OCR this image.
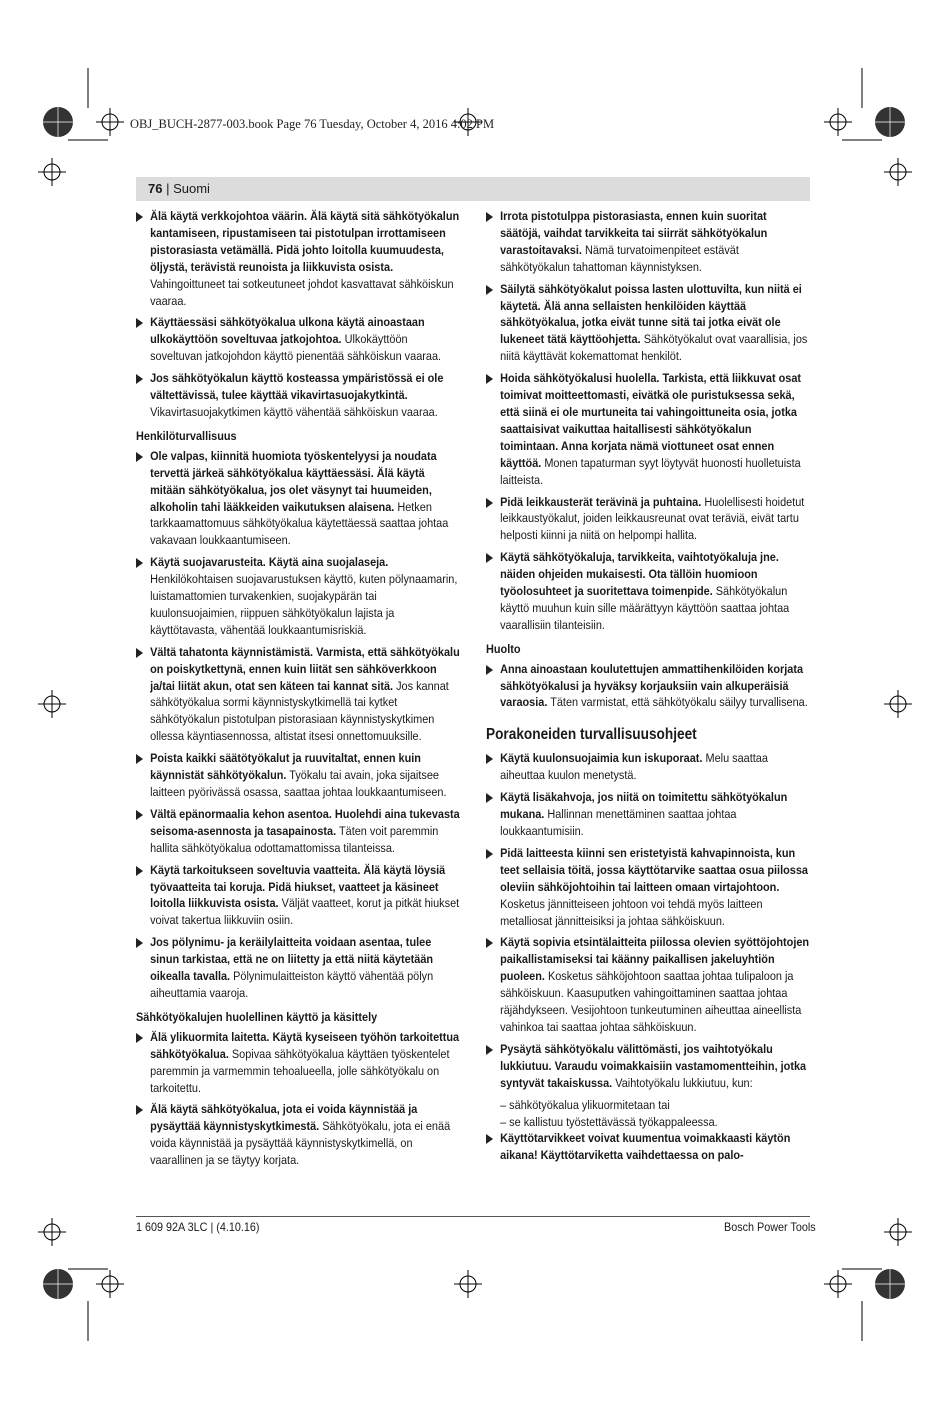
OBJ_BUCH-2877-003.book Page 76 Tuesday, October 4, 2016 4:02 PM
76 | Suomi
Älä käytä verkkojohtoa väärin. Älä käytä sitä sähkötyökalun kantamiseen, ripustamiseen tai pistotulpan irrottamiseen pistorasiasta vetämällä. Pidä johto loitolla kuumuudesta, öljystä, terävistä reunoista ja liikkuvista osista. Vahingoittuneet tai sotkeutuneet johdot kasvattavat sähköiskun vaaraa.
Käyttäessäsi sähkötyökalua ulkona käytä ainoastaan ulkokäyttöön soveltuvaa jatkojohtoa. Ulkokäyttöön soveltuvan jatkojohdon käyttö pienentää sähköiskun vaaraa.
Jos sähkötyökalun käyttö kosteassa ympäristössä ei ole vältettävissä, tulee käyttää vikavirtasuojakytkintä. Vikavirtasuojakytkimen käyttö vähentää sähköiskun vaaraa.
Henkilöturvallisuus
Ole valpas, kiinnitä huomiota työskentelyysi ja noudata tervettä järkeä sähkötyökalua käyttäessäsi. Älä käytä mitään sähkötyökalua, jos olet väsynyt tai huumeiden, alkoholin tahi lääkkeiden vaikutuksen alaisena. Hetken tarkkaamattomuus sähkötyökalua käytettäessä saattaa johtaa vakavaan loukkaantumiseen.
Käytä suojavarusteita. Käytä aina suojalaseja. Henkilökohtaisen suojavarustuksen käyttö, kuten pölynaamarin, luistamattomien turvakenkien, suojakypärän tai kuulonsuojaimien, riippuen sähkötyökalun lajista ja käyttötavasta, vähentää loukkaantumisriskiä.
Vältä tahatonta käynnistämistä. Varmista, että sähkötyökalu on poiskytkettynä, ennen kuin liität sen sähköverkkoon ja/tai liität akun, otat sen käteen tai kannat sitä. Jos kannat sähkötyökalua sormi käynnistyskytkimellä tai kytket sähkötyökalun pistotulpan pistorasiaan käynnistyskytkimen ollessa käyntiasennossa, altistat itsesi onnettomuuksille.
Poista kaikki säätötyökalut ja ruuvitaltat, ennen kuin käynnistät sähkötyökalun. Työkalu tai avain, joka sijaitsee laitteen pyörivässä osassa, saattaa johtaa loukkaantumiseen.
Vältä epänormaalia kehon asentoa. Huolehdi aina tukevasta seisoma-asennosta ja tasapainosta. Täten voit paremmin hallita sähkötyökalua odottamattomissa tilanteissa.
Käytä tarkoitukseen soveltuvia vaatteita. Älä käytä löysiä työvaatteita tai koruja. Pidä hiukset, vaatteet ja käsineet loitolla liikkuvista osista. Väljät vaatteet, korut ja pitkät hiukset voivat takertua liikkuviin osiin.
Jos pölynimu- ja keräilylaitteita voidaan asentaa, tulee sinun tarkistaa, että ne on liitetty ja että niitä käytetään oikealla tavalla. Pölynimulaitteiston käyttö vähentää pölyn aiheuttamia vaaroja.
Sähkötyökalujen huolellinen käyttö ja käsittely
Älä ylikuormita laitetta. Käytä kyseiseen työhön tarkoitettua sähkötyökalua. Sopivaa sähkötyökalua käyttäen työskentelet paremmin ja varmemmin tehoalueella, jolle sähkötyökalu on tarkoitettu.
Älä käytä sähkötyökalua, jota ei voida käynnistää ja pysäyttää käynnistyskytkimestä. Sähkötyökalu, jota ei enää voida käynnistää ja pysäyttää käynnistyskytkimellä, on vaarallinen ja se täytyy korjata.
Irrota pistotulppa pistorasiasta, ennen kuin suoritat säätöjä, vaihdat tarvikkeita tai siirrät sähkötyökalun varastoitavaksi. Nämä turvatoimenpiteet estävät sähkötyökalun tahattoman käynnistyksen.
Säilytä sähkötyökalut poissa lasten ulottuvilta, kun niitä ei käytetä. Älä anna sellaisten henkilöiden käyttää sähkötyökalua, jotka eivät tunne sitä tai jotka eivät ole lukeneet tätä käyttöohjetta. Sähkötyökalut ovat vaarallisia, jos niitä käyttävät kokemattomat henkilöt.
Hoida sähkötyökalusi huolella. Tarkista, että liikkuvat osat toimivat moitteettomasti, eivätkä ole puristuksessa sekä, että siinä ei ole murtuneita tai vahingoittuneita osia, jotka saattaisivat vaikuttaa haitallisesti sähkötyökalun toimintaan. Anna korjata nämä viottuneet osat ennen käyttöä. Monen tapaturman syyt löytyvät huonosti huolletuista laitteista.
Pidä leikkausterät terävinä ja puhtaina. Huolellisesti hoidetut leikkaustyökalut, joiden leikkausreunat ovat teräviä, eivät tartu helposti kiinni ja niitä on helpompi hallita.
Käytä sähkötyökaluja, tarvikkeita, vaihtotyökaluja jne. näiden ohjeiden mukaisesti. Ota tällöin huomioon työolosuhteet ja suoritettava toimenpide. Sähkötyökalun käyttö muuhun kuin sille määrättyyn käyttöön saattaa johtaa vaarallisiin tilanteisiin.
Huolto
Anna ainoastaan koulutettujen ammattihenkilöiden korjata sähkötyökalusi ja hyväksy korjauksiin vain alkuperäisiä varaosia. Täten varmistat, että sähkötyökalu säilyy turvallisena.
Porakoneiden turvallisuusohjeet
Käytä kuulonsuojaimia kun iskuporaat. Melu saattaa aiheuttaa kuulon menetystä.
Käytä lisäkahvoja, jos niitä on toimitettu sähkötyökalun mukana. Hallinnan menettäminen saattaa johtaa loukkaantumisiin.
Pidä laitteesta kiinni sen eristetyistä kahvapinnoista, kun teet sellaisia töitä, jossa käyttötarvike saattaa osua piilossa oleviin sähköjohtoihin tai laitteen omaan virtajohtoon. Kosketus jännitteiseen johtoon voi tehdä myös laitteen metalliosat jännitteisiksi ja johtaa sähköiskuun.
Käytä sopivia etsintälaitteita piilossa olevien syöttöjohtojen paikallistamiseksi tai käänny paikallisen jakeluyhtiön puoleen. Kosketus sähköjohtoon saattaa johtaa tulipaloon ja sähköiskuun. Kaasuputken vahingoittaminen saattaa johtaa räjähdykseen. Vesijohtoon tunkeutuminen aiheuttaa aineellista vahinkoa tai saattaa johtaa sähköiskuun.
Pysäytä sähkötyökalu välittömästi, jos vaihtotyökalu lukkiutuu. Varaudu voimakkaisiin vastamomentteihin, jotka syntyvät takaiskussa. Vaihtotyökalu lukkiutuu, kun:
– sähkötyökalua ylikuormitetaan tai
– se kallistuu työstettävässä työkappaleessa.
Käyttötarvikkeet voivat kuumentua voimakkaasti käytön aikana! Käyttötarviketta vaihdettaessa on palo-
1 609 92A 3LC | (4.10.16)	Bosch Power Tools
